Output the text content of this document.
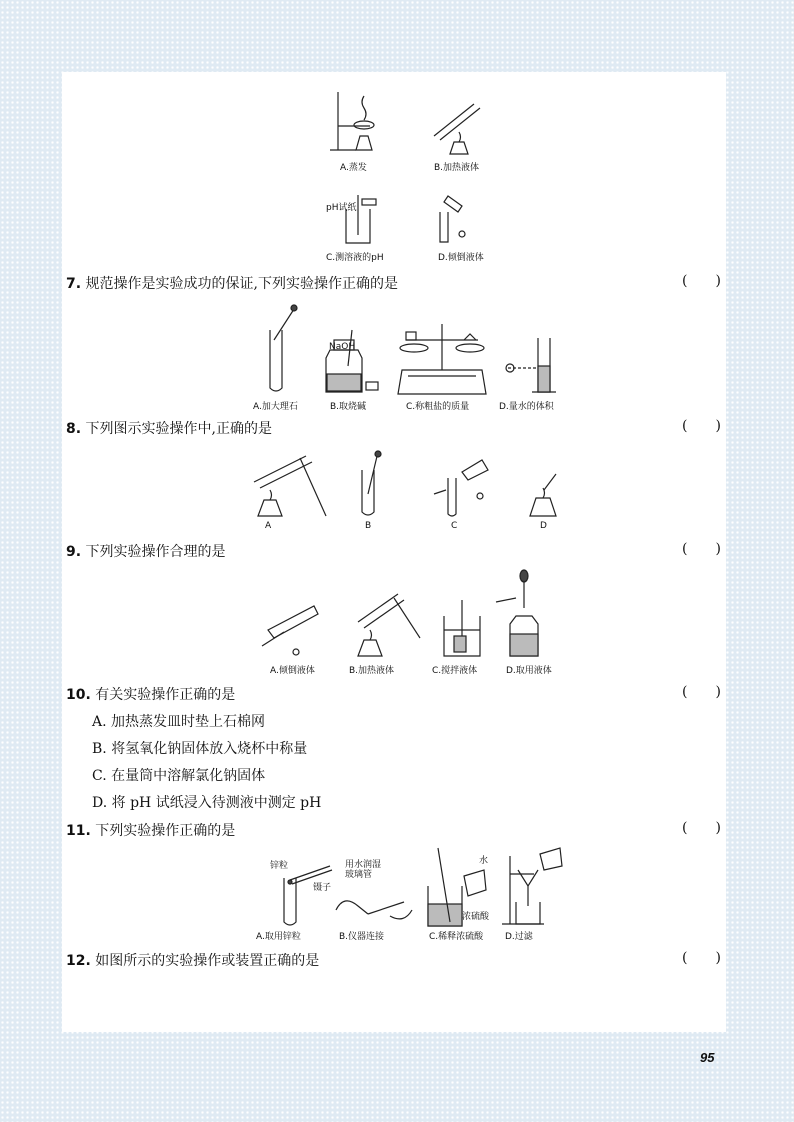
A.蒸发	B.加热液体
pH试纸
C.测溶液的pH	D.倾倒液体
7. 规范操作是实验成功的保证,下列实验操作正确的是	()
A.加大理石
NaOH
B.取烧碱	C.称粗盐的质量	D.量水的体积
8. 下列图示实验操作中,正确的是	()
A	B	C	D
9. 下列实验操作合理的是	()
A.倾倒液体	B.加热液体	C.搅拌液体	D.取用液体
10. 有关实验操作正确的是	()
A. 加热蒸发皿时垫上石棉网
B. 将氢氧化钠固体放入烧杯中称量
C. 在量筒中溶解氯化钠固体
D. 将 pH 试纸浸入待测液中测定 pH
11. 下列实验操作正确的是	()
锌粒
镊子
A.取用锌粒
用水润湿
玻璃管
B.仪器连接
水
浓硫酸
C.稀释浓硫酸 D.过滤
12. 如图所示的实验操作或装置正确的是	()
95
